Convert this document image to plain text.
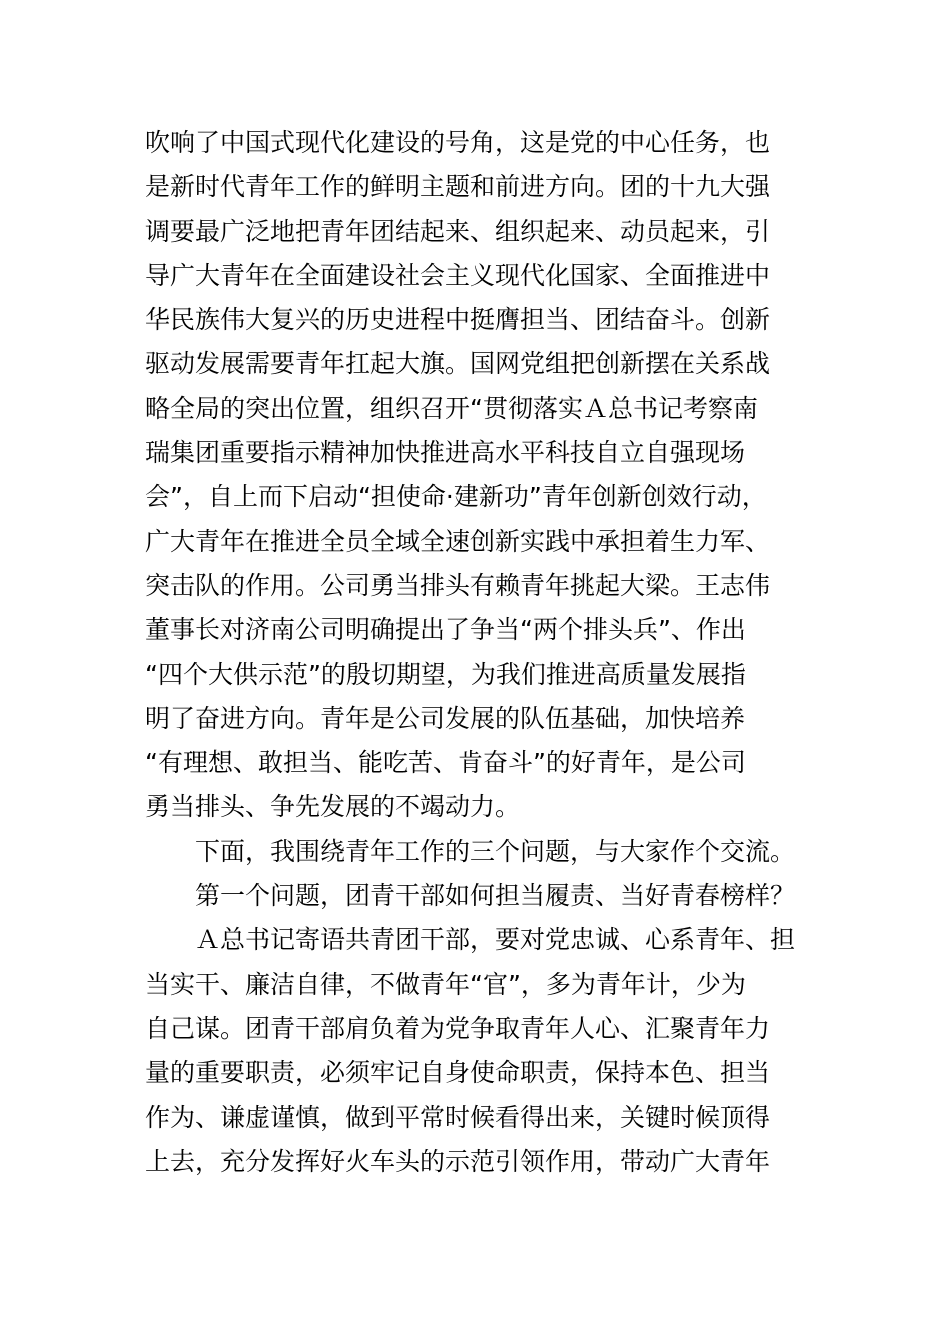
吹响了中国式现代化建设的号角，这是党的中心任务，也
是新时代青年工作的鲜明主题和前进方向。团的十九大强
调要最广泛地把青年团结起来、组织起来、动员起来，引
导广大青年在全面建设社会主义现代化国家、全面推进中
华民族伟大复兴的历史进程中挺膺担当、团结奋斗。创新
驱动发展需要青年扛起大旗。国网党组把创新摆在关系战
略全局的突出位置，组织召开“贯彻落实Ａ总书记考察南
瑞集团重要指示精神加快推进高水平科技自立自强现场
会”，自上而下启动“担使命·建新功”青年创新创效行动，
广大青年在推进全员全域全速创新实践中承担着生力军、
突击队的作用。公司勇当排头有赖青年挑起大梁。王志伟
董事长对济南公司明确提出了争当“两个排头兵”、作出
“四个大供示范”的殷切期望，为我们推进高质量发展指
明了奋进方向。青年是公司发展的队伍基础，加快培养
“有理想、敢担当、能吃苦、肯奋斗”的好青年，是公司
勇当排头、争先发展的不竭动力。
下面，我围绕青年工作的三个问题，与大家作个交流。
第一个问题，团青干部如何担当履责、当好青春榜样？
Ａ总书记寄语共青团干部，要对党忠诚、心系青年、担
当实干、廉洁自律，不做青年“官”，多为青年计，少为
自己谋。团青干部肩负着为党争取青年人心、汇聚青年力
量的重要职责，必须牢记自身使命职责，保持本色、担当
作为、谦虚谨慎，做到平常时候看得出来，关键时候顶得
上去，充分发挥好火车头的示范引领作用，带动广大青年
